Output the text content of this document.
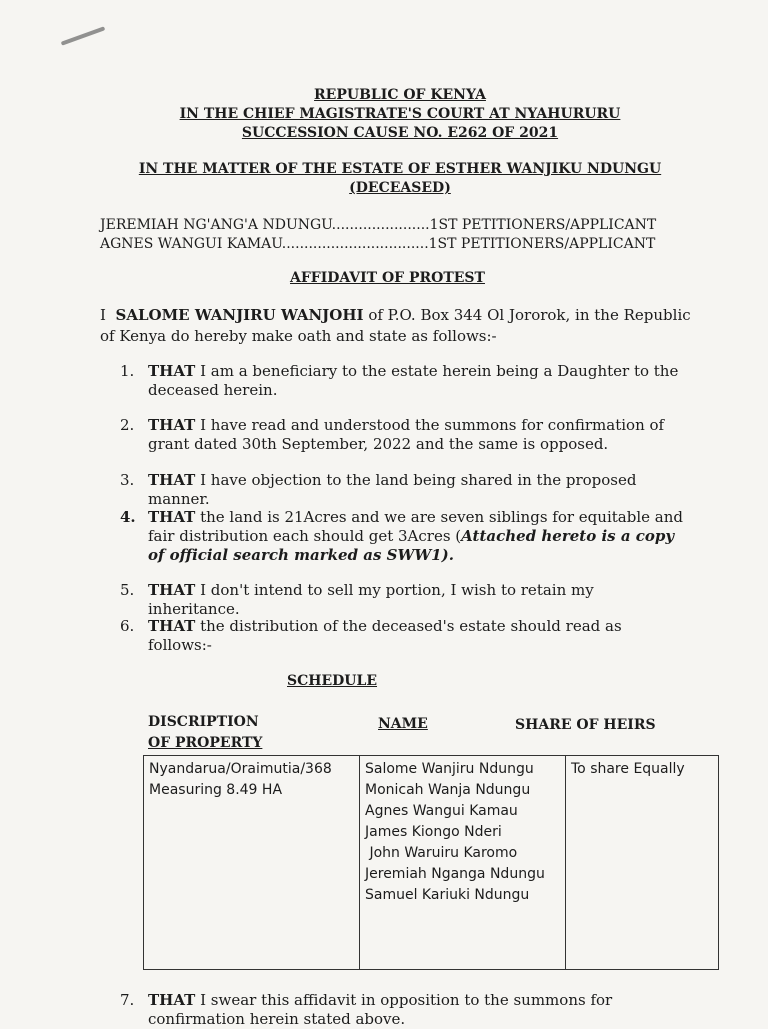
REPUBLIC OF KENYA
IN THE CHIEF MAGISTRATE'S COURT AT NYAHURURU
SUCCESSION CAUSE NO. E262 OF 2021
IN THE MATTER OF THE ESTATE OF ESTHER WANJIKU NDUNGU
(DECEASED)
JEREMIAH NG'ANG'A NDUNGU......................1ST PETITIONERS/APPLICANT
AGNES WANGUI KAMAU.................................1ST PETITIONERS/APPLICANT
AFFIDAVIT OF PROTEST
I SALOME WANJIRU WANJOHI of P.O. Box 344 Ol Jororok, in the Republic of Kenya do hereby make oath and state as follows:-
1. THAT I am a beneficiary to the estate herein being a Daughter to the deceased herein.
2. THAT I have read and understood the summons for confirmation of grant dated 30th September, 2022 and the same is opposed.
3. THAT I have objection to the land being shared in the proposed manner.
4. THAT the land is 21Acres and we are seven siblings for equitable and fair distribution each should get 3Acres (Attached hereto is a copy of official search marked as SWW1).
5. THAT I don't intend to sell my portion, I wish to retain my inheritance.
6. THAT the distribution of the deceased's estate should read as follows:-
SCHEDULE
DISCRIPTION
OF PROPERTY
NAME	SHARE OF HEIRS
Nyandarua/Oraimutia/368
Measuring 8.49 HA

Salome Wanjiru Ndungu
Monicah Wanja Ndungu
Agnes Wangui Kamau
James Kiongo Nderi
John Waruiru Karomo
Jeremiah Nganga Ndungu
Samuel Kariuki Ndungu

To share Equally
7. THAT I swear this affidavit in opposition to the summons for confirmation herein stated above.
